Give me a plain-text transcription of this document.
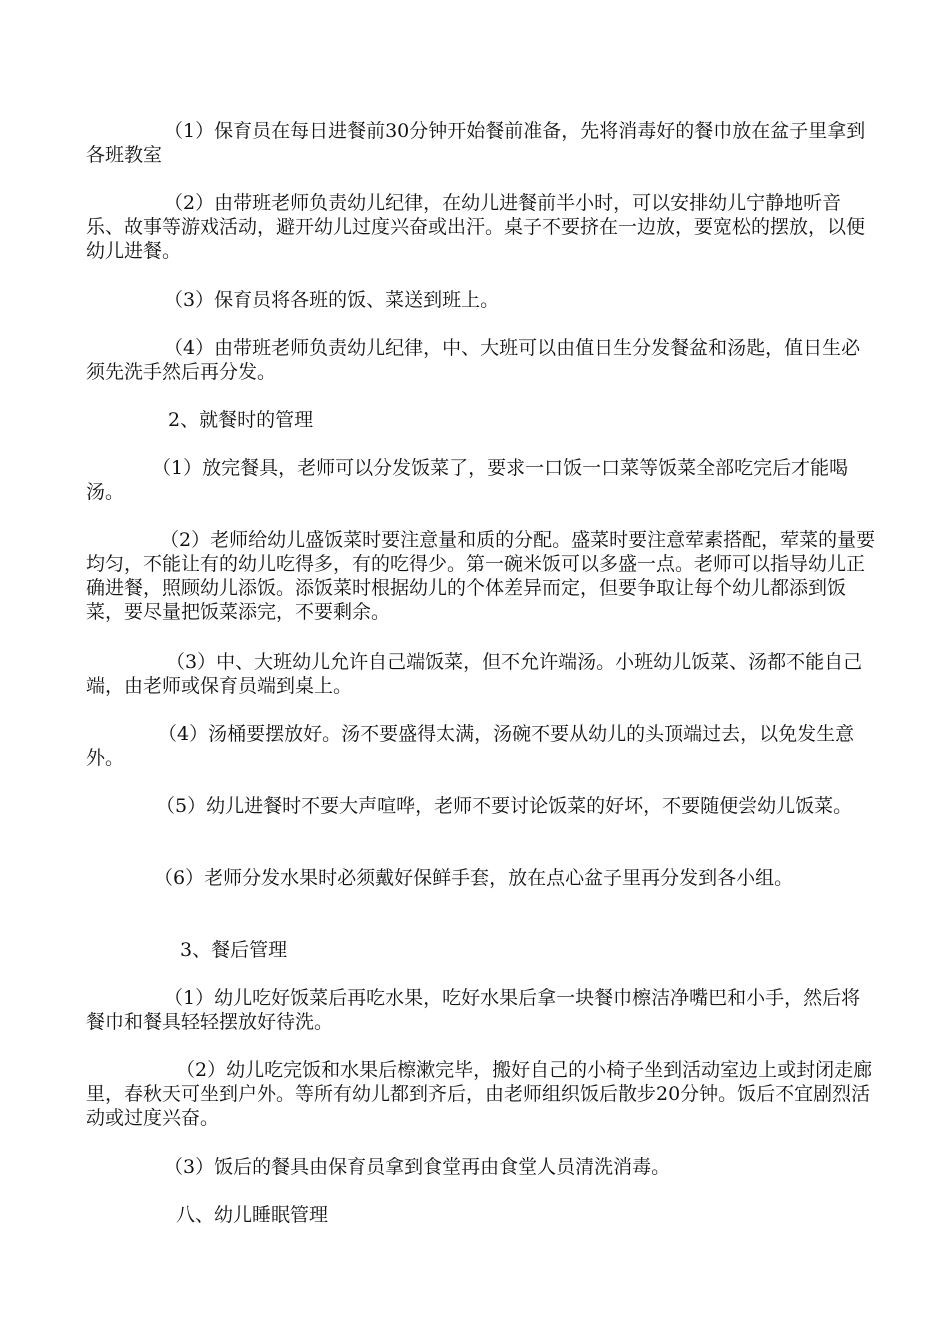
（1）保育员在每日进餐前30分钟开始餐前准备，先将消毒好的餐巾放在盆子里拿到各班教室

（2）由带班老师负责幼儿纪律，在幼儿进餐前半小时，可以安排幼儿宁静地听音乐、故事等游戏活动，避开幼儿过度兴奋或出汗。桌子不要挤在一边放，要宽松的摆放，以便幼儿进餐。

（3）保育员将各班的饭、菜送到班上。

（4）由带班老师负责幼儿纪律，中、大班可以由值日生分发餐盆和汤匙，值日生必须先洗手然后再分发。

2、就餐时的管理

（1）放完餐具，老师可以分发饭菜了，要求一口饭一口菜等饭菜全部吃完后才能喝汤。

（2）老师给幼儿盛饭菜时要注意量和质的分配。盛菜时要注意荤素搭配，荤菜的量要均匀，不能让有的幼儿吃得多，有的吃得少。第一碗米饭可以多盛一点。老师可以指导幼儿正确进餐，照顾幼儿添饭。添饭菜时根据幼儿的个体差异而定，但要争取让每个幼儿都添到饭菜，要尽量把饭菜添完，不要剩余。

（3）中、大班幼儿允许自己端饭菜，但不允许端汤。小班幼儿饭菜、汤都不能自己端，由老师或保育员端到桌上。

（4）汤桶要摆放好。汤不要盛得太满，汤碗不要从幼儿的头顶端过去，以免发生意外。

（5）幼儿进餐时不要大声喧哗，老师不要讨论饭菜的好坏，不要随便尝幼儿饭菜。

（6）老师分发水果时必须戴好保鲜手套，放在点心盆子里再分发到各小组。

3、餐后管理

（1）幼儿吃好饭菜后再吃水果，吃好水果后拿一块餐巾檫洁净嘴巴和小手，然后将餐巾和餐具轻轻摆放好待洗。

（2）幼儿吃完饭和水果后檫漱完毕，搬好自己的小椅子坐到活动室边上或封闭走廊里，春秋天可坐到户外。等所有幼儿都到齐后，由老师组织饭后散步20分钟。饭后不宜剧烈活动或过度兴奋。

（3）饭后的餐具由保育员拿到食堂再由食堂人员清洗消毒。

八、幼儿睡眠管理
